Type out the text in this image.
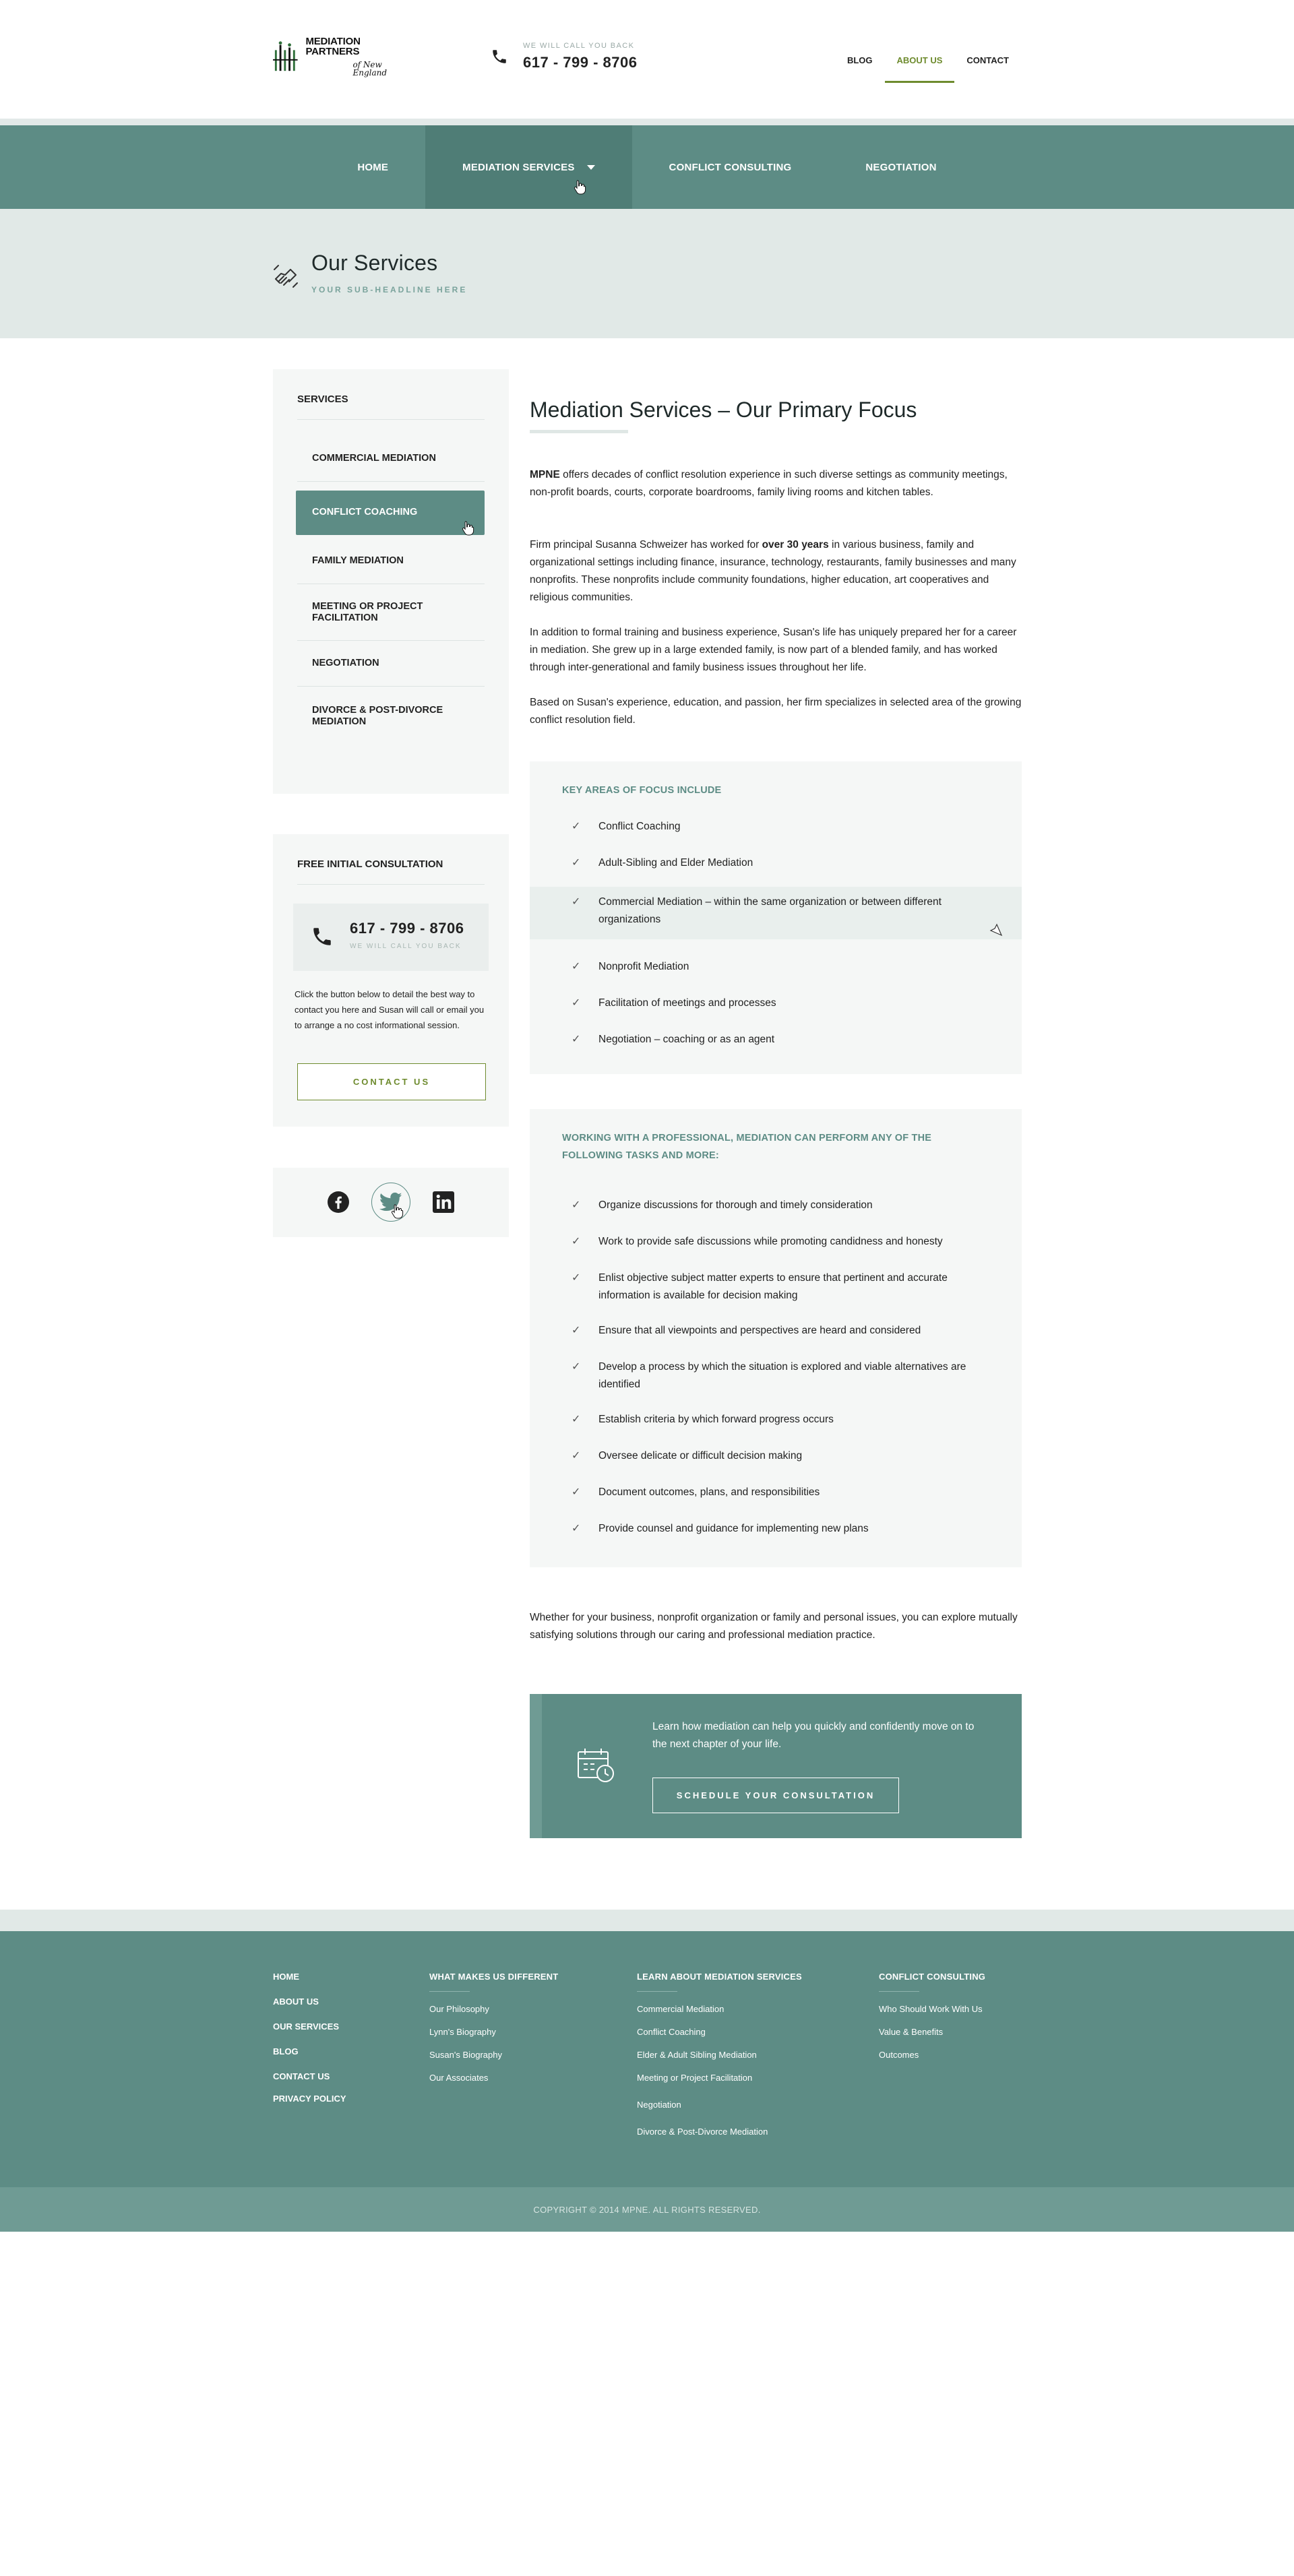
MEDIATION PARTNERS
of New England
WE WILL CALL YOU BACK
617 - 799 - 8706	BLOG	ABOUT US	CONTACT
HOME	MEDIATION SERVICES	CONFLICT CONSULTING	NEGOTIATION
Our Services
YOUR SUB-HEADLINE HERE
SERVICES
COMMERCIAL MEDIATION
CONFLICT COACHING
FAMILY MEDIATION
MEETING OR PROJECT FACILITATION
NEGOTIATION
DIVORCE & POST-DIVORCE MEDIATION
FREE INITIAL CONSULTATION
617 - 799 - 8706
WE WILL CALL YOU BACK
Click the button below to detail the best way to contact you here and Susan will call or email you to arrange a no cost informational session.
CONTACT US
Mediation Services – Our Primary Focus

MPNE offers decades of conflict resolution experience in such diverse settings as community meetings, non-profit boards, courts, corporate boardrooms, family living rooms and kitchen tables.

Firm principal Susanna Schweizer has worked for over 30 years in various business, family and organizational settings including finance, insurance, technology, restaurants, family businesses and many nonprofits. These nonprofits include community foundations, higher education, art cooperatives and religious communities.

In addition to formal training and business experience, Susan's life has uniquely prepared her for a career in mediation. She grew up in a large extended family, is now part of a blended family, and has worked through inter-generational and family business issues throughout her life.

Based on Susan's experience, education, and passion, her firm specializes in selected area of the growing conflict resolution field.

KEY AREAS OF FOCUS INCLUDE
✓ Conflict Coaching
✓ Adult-Sibling and Elder Mediation
✓ Commercial Mediation – within the same organization or between different organizations
✓ Nonprofit Mediation
✓ Facilitation of meetings and processes
✓ Negotiation – coaching or as an agent
WORKING WITH A PROFESSIONAL, MEDIATION CAN PERFORM ANY OF THE FOLLOWING TASKS AND MORE:
✓ Organize discussions for thorough and timely consideration
✓ Work to provide safe discussions while promoting candidness and honesty
✓ Enlist objective subject matter experts to ensure that pertinent and accurate information is available for decision making
✓ Ensure that all viewpoints and perspectives are heard and considered
✓ Develop a process by which the situation is explored and viable alternatives are identified
✓ Establish criteria by which forward progress occurs
✓ Oversee delicate or difficult decision making
✓ Document outcomes, plans, and responsibilities
✓ Provide counsel and guidance for implementing new plans

Whether for your business, nonprofit organization or family and personal issues, you can explore mutually satisfying solutions through our caring and professional mediation practice.

Learn how mediation can help you quickly and confidently move on to the next chapter of your life.

SCHEDULE YOUR CONSULTATION
HOME
ABOUT US
OUR SERVICES
BLOG
CONTACT US
PRIVACY POLICY
WHAT MAKES US DIFFERENT
Our Philosophy
Lynn's Biography
Susan's Biography
Our Associates
LEARN ABOUT MEDIATION SERVICES
Commercial Mediation
Conflict Coaching
Elder & Adult Sibling Mediation
Meeting or Project Facilitation
Negotiation
Divorce & Post-Divorce Mediation
CONFLICT CONSULTING
Who Should Work With Us
Value & Benefits
Outcomes
COPYRIGHT © 2014 MPNE. ALL RIGHTS RESERVED.
